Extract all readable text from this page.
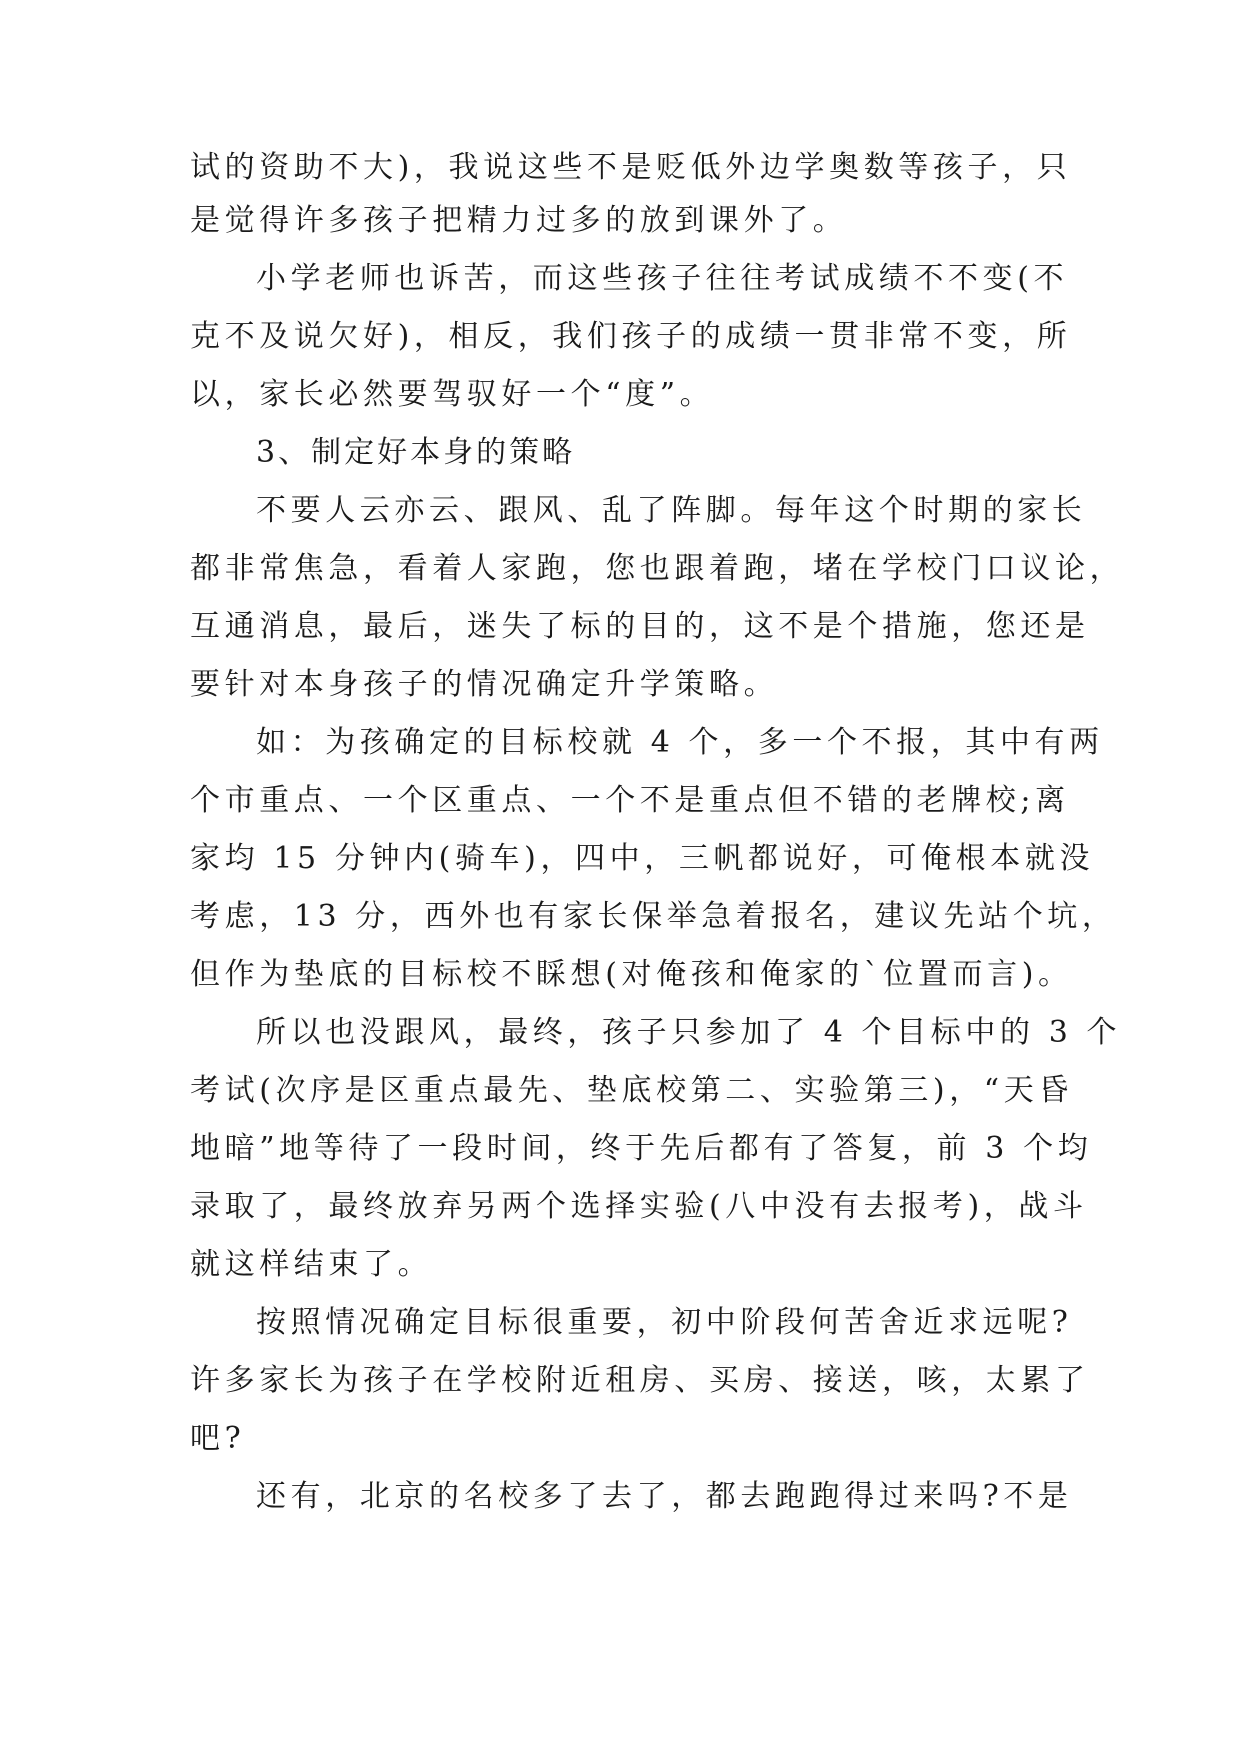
试的资助不大)，我说这些不是贬低外边学奥数等孩子，只
是觉得许多孩子把精力过多的放到课外了。
小学老师也诉苦，而这些孩子往往考试成绩不不变(不
克不及说欠好)，相反，我们孩子的成绩一贯非常不变，所
以，家长必然要驾驭好一个“度”。
3、制定好本身的策略
不要人云亦云、跟风、乱了阵脚。每年这个时期的家长
都非常焦急，看着人家跑，您也跟着跑，堵在学校门口议论，
互通消息，最后，迷失了标的目的，这不是个措施，您还是
要针对本身孩子的情况确定升学策略。
如：为孩确定的目标校就 4 个，多一个不报，其中有两
个市重点、一个区重点、一个不是重点但不错的老牌校;离
家均 15 分钟内(骑车)，四中，三帆都说好，可俺根本就没
考虑，13 分，西外也有家长保举急着报名，建议先站个坑，
但作为垫底的目标校不睬想(对俺孩和俺家的`位置而言)。
所以也没跟风，最终，孩子只参加了 4 个目标中的 3 个
考试(次序是区重点最先、垫底校第二、实验第三)，“天昏
地暗”地等待了一段时间，终于先后都有了答复，前 3 个均
录取了，最终放弃另两个选择实验(八中没有去报考)，战斗
就这样结束了。
按照情况确定目标很重要，初中阶段何苦舍近求远呢?
许多家长为孩子在学校附近租房、买房、接送，咳，太累了
吧?
还有，北京的名校多了去了，都去跑跑得过来吗?不是
